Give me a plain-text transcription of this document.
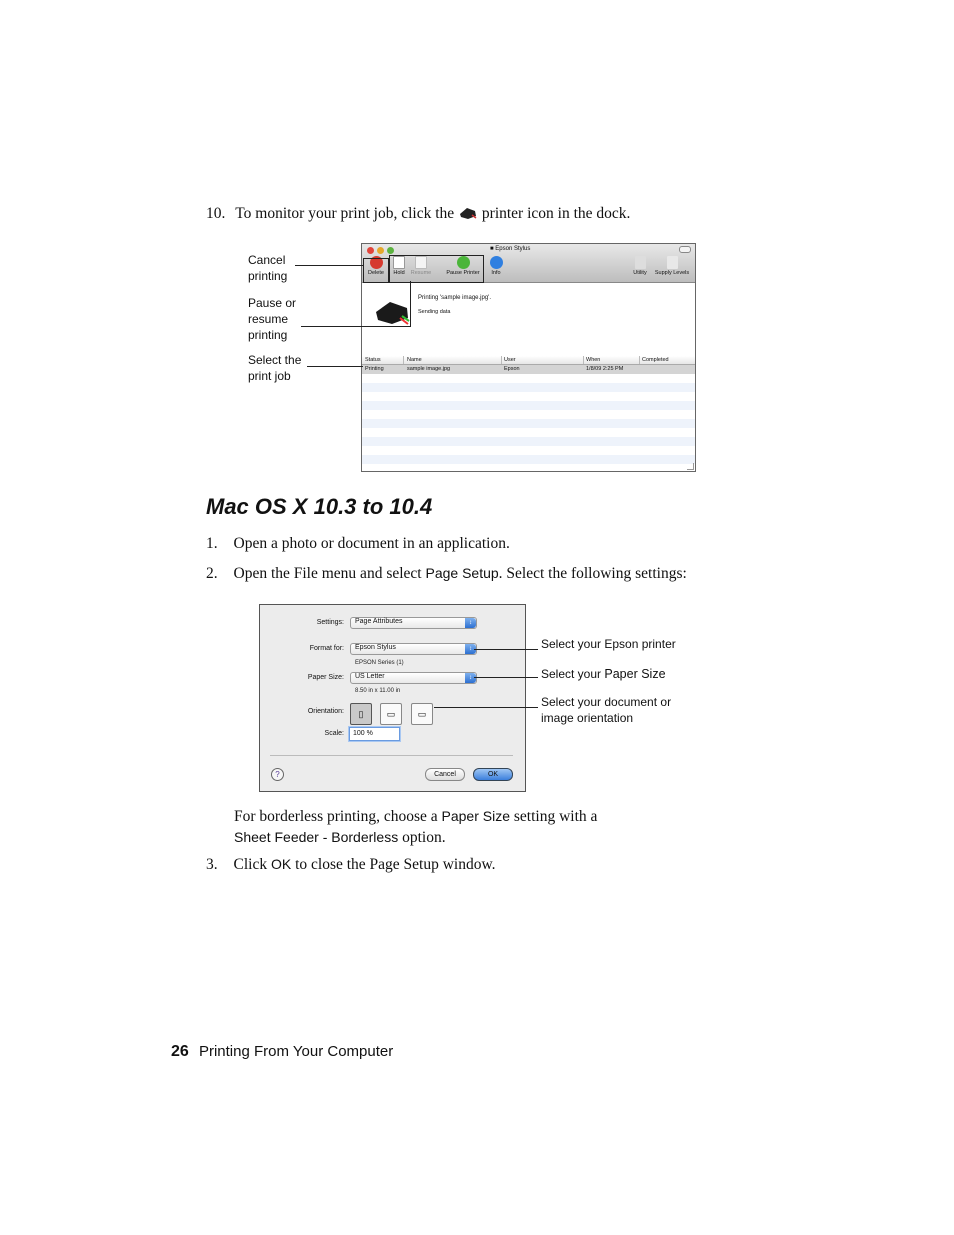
10. To monitor your print job, click the printer icon in the dock.
■ Epson Stylus
Delete	Hold	Resume	Pause Printer	Info	Utility	Supply Levels
Printing 'sample image.jpg'.
Sending data
Status	Name	User	When	Completed
Printing	sample image.jpg	Epson	1/8/09 2:25 PM
Cancel
printing
Pause or
resume
printing
Select the
print job
Mac OS X 10.3 to 10.4
1. Open a photo or document in an application.
2. Open the File menu and select Page Setup. Select the following settings:
Settings: Page Attributes	↕
Format for: Epson Stylus	↕
EPSON Series (1)
Paper Size: US Letter	↕
8.50 in x 11.00 in
Orientation:	▯	▭	▭
Scale:	100 %
?	Cancel	OK
Select your Epson printer
Select your Paper Size
Select your document or
image orientation
For borderless printing, choose a Paper Size setting with a
Sheet Feeder - Borderless option.
3. Click OK to close the Page Setup window.
26 Printing From Your Computer
